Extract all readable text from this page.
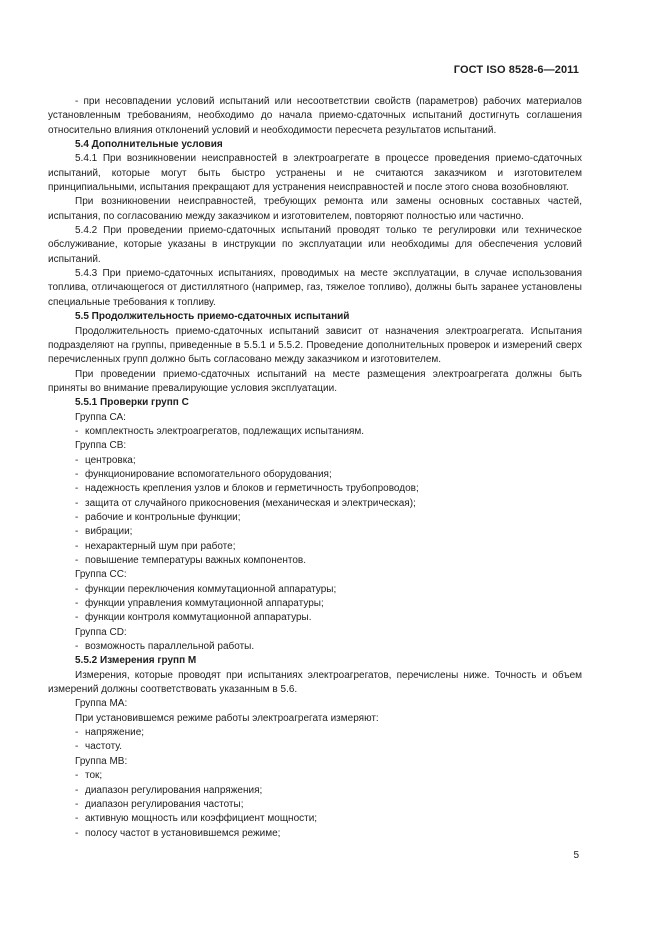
ГОСТ ISO 8528-6—2011
- при несовпадении условий испытаний или несоответствии свойств (параметров) рабочих материалов установленным требованиям, необходимо до начала приемо-сдаточных испытаний достигнуть соглашения относительно влияния отклонений условий и необходимости пересчета результатов испытаний.
5.4 Дополнительные условия
5.4.1 При возникновении неисправностей в электроагрегате в процессе проведения приемо-сдаточных испытаний, которые могут быть быстро устранены и не считаются заказчиком и изготовителем принципиальными, испытания прекращают для устранения неисправностей и после этого снова возобновляют.
При возникновении неисправностей, требующих ремонта или замены основных составных частей, испытания, по согласованию между заказчиком и изготовителем, повторяют полностью или частично.
5.4.2 При проведении приемо-сдаточных испытаний проводят только те регулировки или техническое обслуживание, которые указаны в инструкции по эксплуатации или необходимы для обеспечения условий испытаний.
5.4.3 При приемо-сдаточных испытаниях, проводимых на месте эксплуатации, в случае использования топлива, отличающегося от дистиллятного (например, газ, тяжелое топливо), должны быть заранее установлены специальные требования к топливу.
5.5 Продолжительность приемо-сдаточных испытаний
Продолжительность приемо-сдаточных испытаний зависит от назначения электроагрегата. Испытания подразделяют на группы, приведенные в 5.5.1 и 5.5.2. Проведение дополнительных проверок и измерений сверх перечисленных групп должно быть согласовано между заказчиком и изготовителем.
При проведении приемо-сдаточных испытаний на месте размещения электроагрегата должны быть приняты во внимание превалирующие условия эксплуатации.
5.5.1 Проверки групп С
Группа СА:
- комплектность электроагрегатов, подлежащих испытаниям.
Группа СВ:
- центровка;
- функционирование вспомогательного оборудования;
- надежность крепления узлов и блоков и герметичность трубопроводов;
- защита от случайного прикосновения (механическая и электрическая);
- рабочие и контрольные функции;
- вибрации;
- нехарактерный шум при работе;
- повышение температуры важных компонентов.
Группа СС:
- функции переключения коммутационной аппаратуры;
- функции управления коммутационной аппаратуры;
- функции контроля коммутационной аппаратуры.
Группа СD:
- возможность параллельной работы.
5.5.2 Измерения групп М
Измерения, которые проводят при испытаниях электроагрегатов, перечислены ниже. Точность и объем измерений должны соответствовать указанным в 5.6.
Группа МА:
При установившемся режиме работы электроагрегата измеряют:
- напряжение;
- частоту.
Группа МВ:
- ток;
- диапазон регулирования напряжения;
- диапазон регулирования частоты;
- активную мощность или коэффициент мощности;
- полосу частот в установившемся режиме;
5
